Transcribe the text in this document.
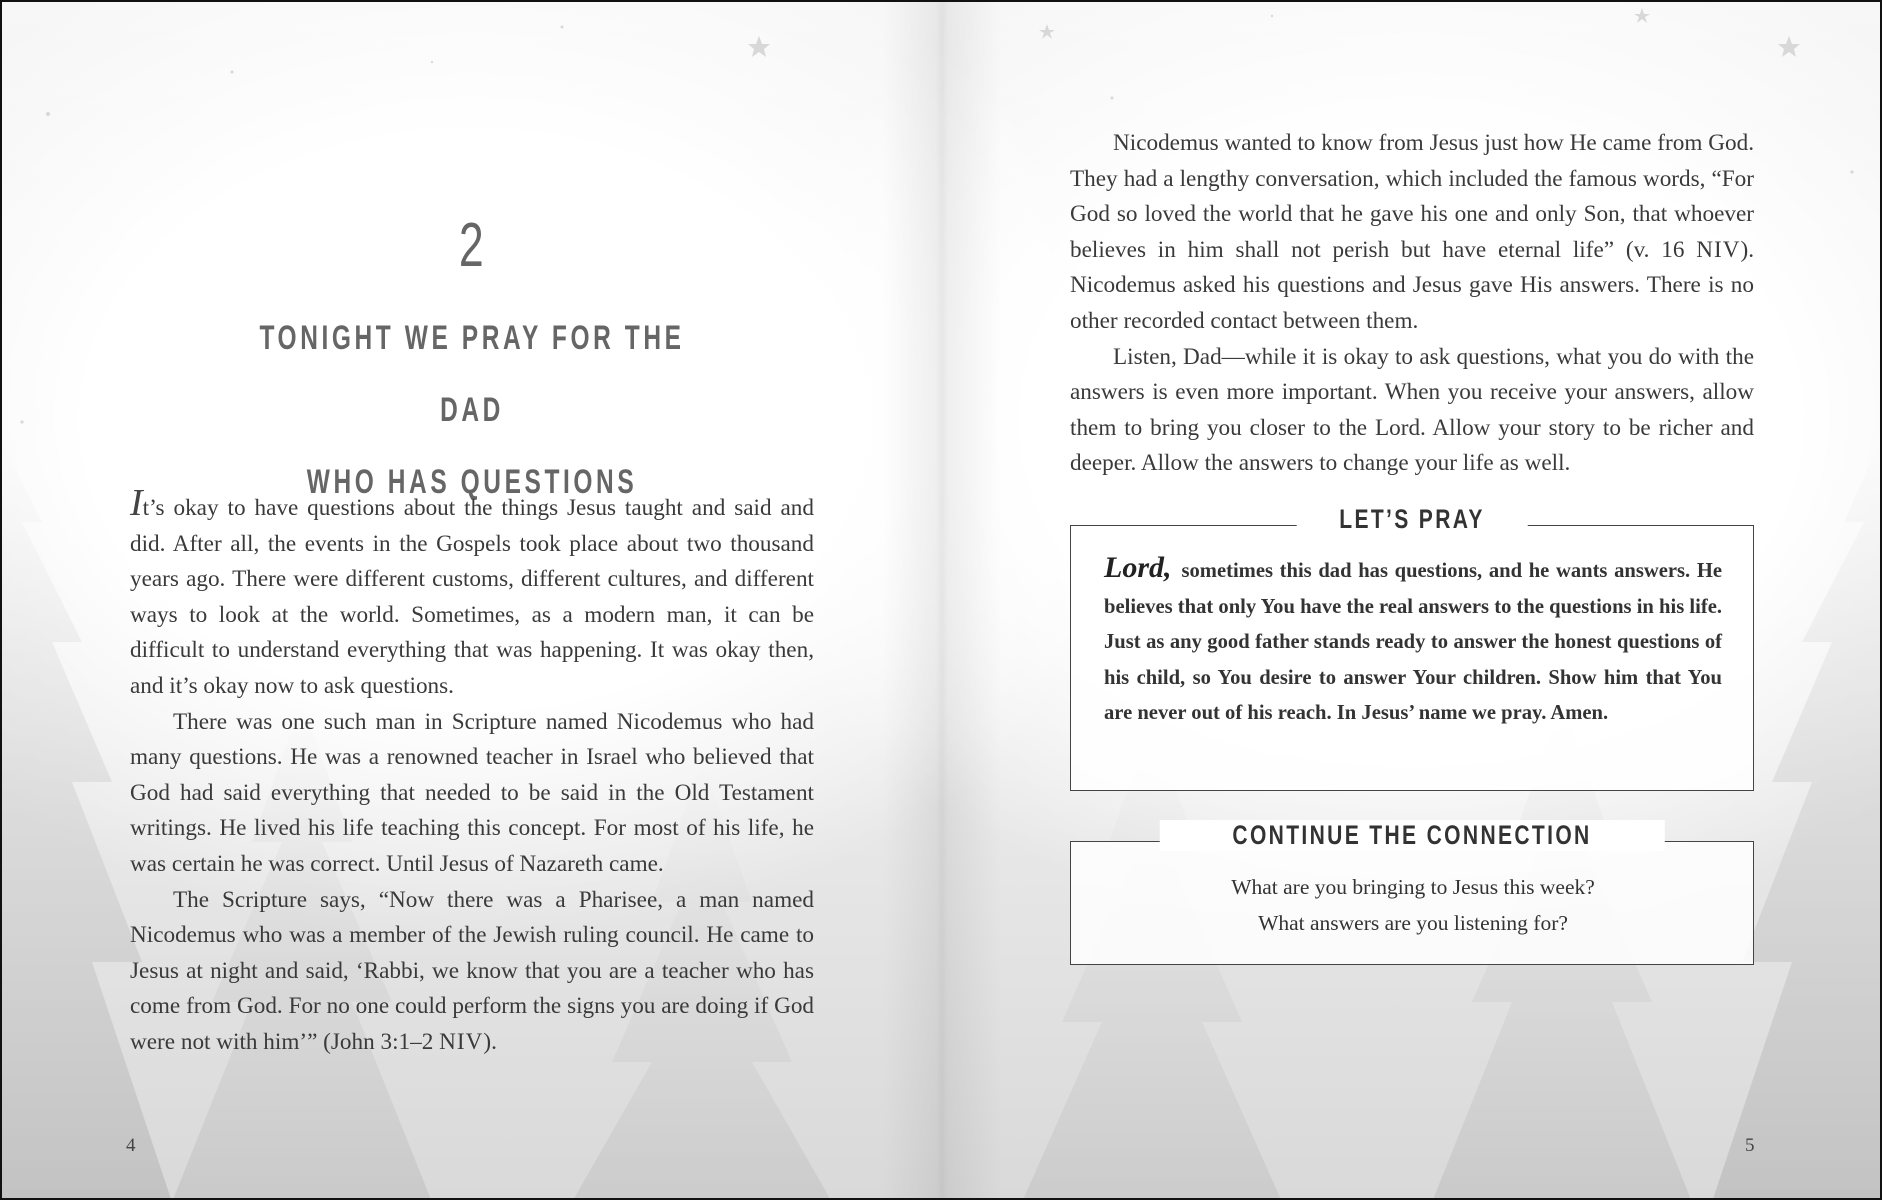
2
TONIGHT WE PRAY FOR THE DAD
WHO HAS QUESTIONS

It’s okay to have questions about the things Jesus taught and said and did. After all, the events in the Gospels took place about two thousand years ago. There were different customs, different cultures, and different ways to look at the world. Sometimes, as a modern man, it can be difficult to understand everything that was happening. It was okay then, and it’s okay now to ask questions.

There was one such man in Scripture named Nicodemus who had many questions. He was a renowned teacher in Israel who believed that God had said everything that needed to be said in the Old Testament writings. He lived his life teaching this concept. For most of his life, he was certain he was correct. Until Jesus of Nazareth came.

The Scripture says, “Now there was a Pharisee, a man named Nicodemus who was a member of the Jewish ruling council. He came to Jesus at night and said, ‘Rabbi, we know that you are a teacher who has come from God. For no one could perform the signs you are doing if God were not with him’” (John 3:1–2 NIV).

4

Nicodemus wanted to know from Jesus just how He came from God. They had a lengthy conversation, which included the famous words, “For God so loved the world that he gave his one and only Son, that whoever believes in him shall not perish but have eternal life” (v. 16 NIV). Nicodemus asked his questions and Jesus gave His answers. There is no other recorded contact between them.

Listen, Dad—while it is okay to ask questions, what you do with the answers is even more important. When you receive your answers, allow them to bring you closer to the Lord. Allow your story to be richer and deeper. Allow the answers to change your life as well.

LET’S PRAY
Lord, sometimes this dad has questions, and he wants answers. He believes that only You have the real answers to the questions in his life. Just as any good father stands ready to answer the honest questions of his child, so You desire to answer Your children. Show him that You are never out of his reach. In Jesus’ name we pray. Amen.
CONTINUE THE CONNECTION
What are you bringing to Jesus this week?
What answers are you listening for?
5
